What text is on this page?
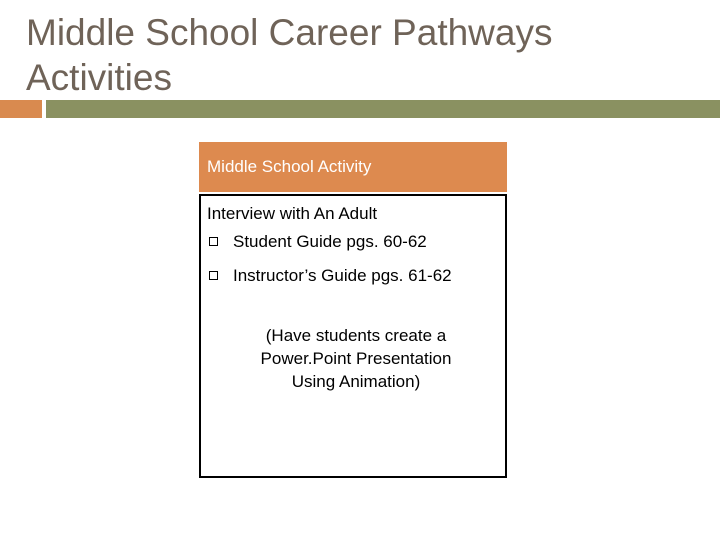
Middle School Career Pathways Activities
Middle School Activity

Interview with An Adult

Student Guide pgs. 60-62
Instructor’s Guide pgs. 61-62
(Have students create a
Power.Point Presentation
Using Animation)
